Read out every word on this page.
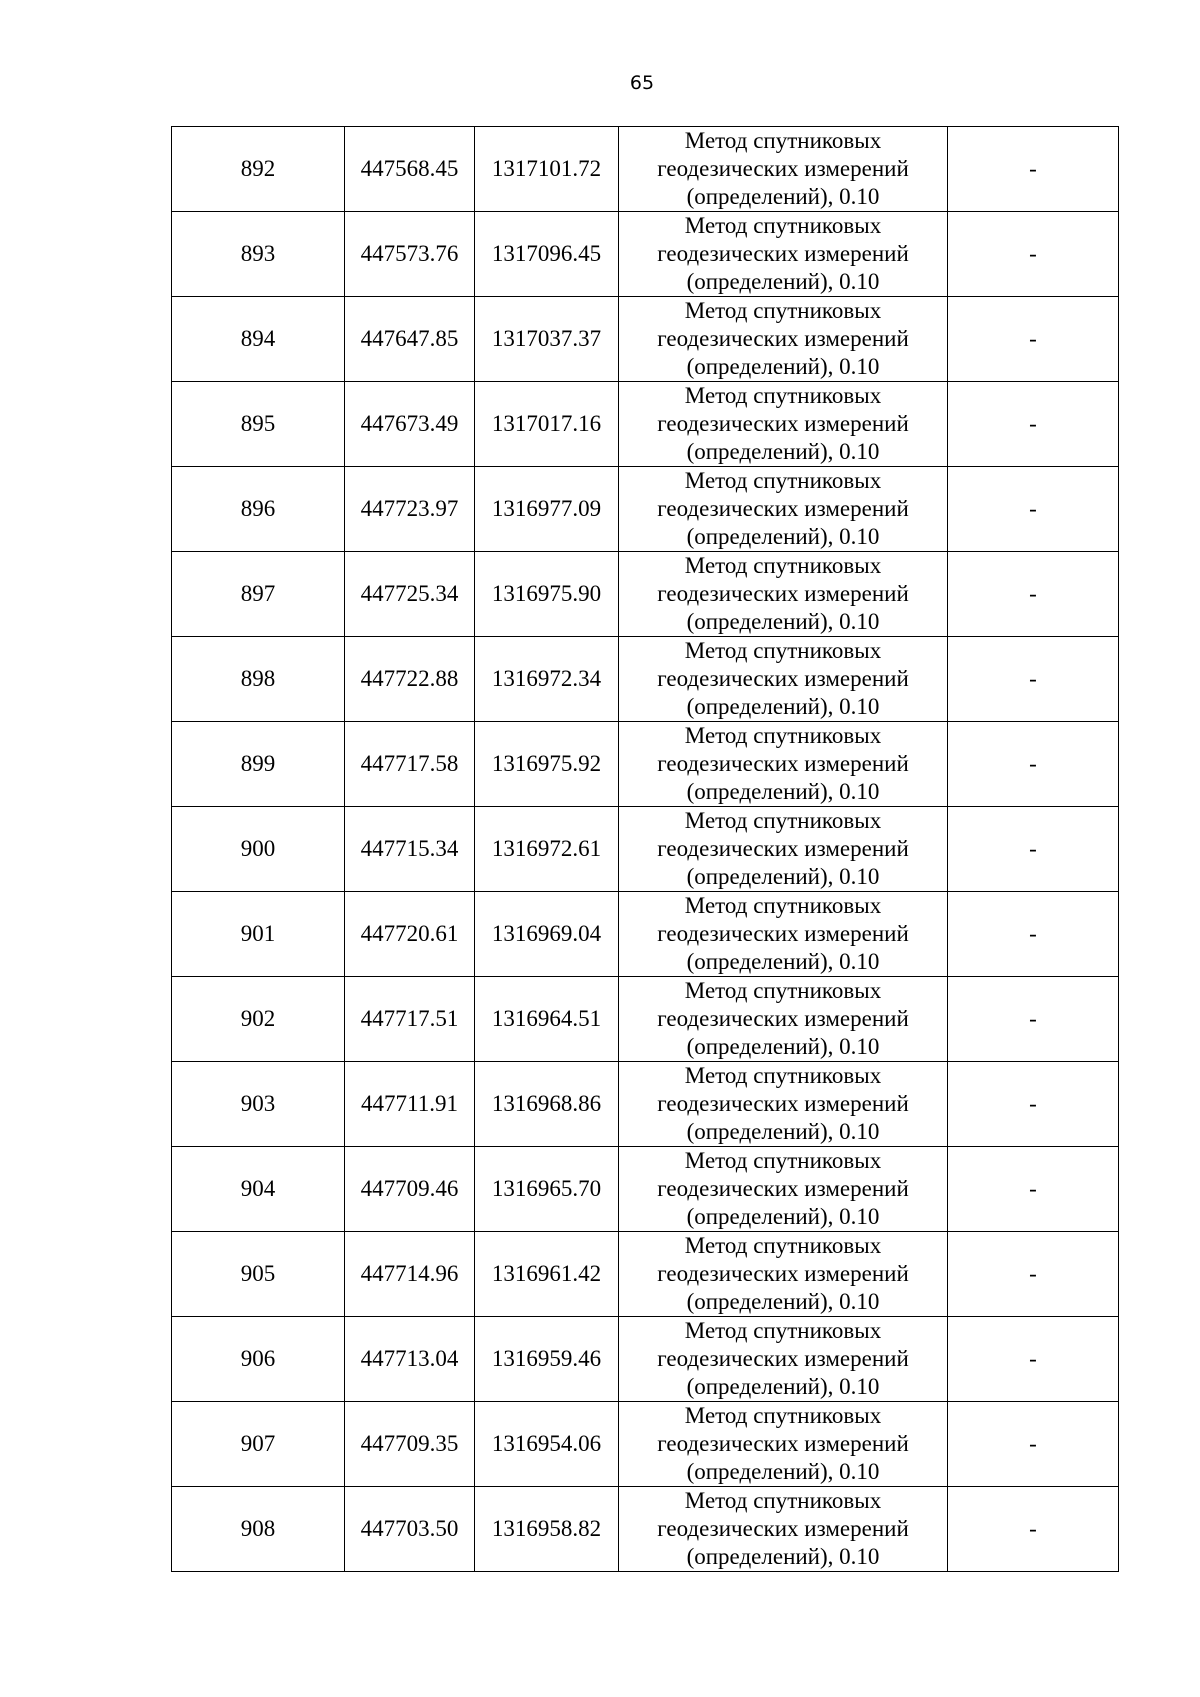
65
892	447568.45	1317101.72	Метод спутниковых
геодезических измерений
(определений), 0.10	-
893	447573.76	1317096.45	Метод спутниковых
геодезических измерений
(определений), 0.10	-
894	447647.85	1317037.37	Метод спутниковых
геодезических измерений
(определений), 0.10	-
895	447673.49	1317017.16	Метод спутниковых
геодезических измерений
(определений), 0.10	-
896	447723.97	1316977.09	Метод спутниковых
геодезических измерений
(определений), 0.10	-
897	447725.34	1316975.90	Метод спутниковых
геодезических измерений
(определений), 0.10	-
898	447722.88	1316972.34	Метод спутниковых
геодезических измерений
(определений), 0.10	-
899	447717.58	1316975.92	Метод спутниковых
геодезических измерений
(определений), 0.10	-
900	447715.34	1316972.61	Метод спутниковых
геодезических измерений
(определений), 0.10	-
901	447720.61	1316969.04	Метод спутниковых
геодезических измерений
(определений), 0.10	-
902	447717.51	1316964.51	Метод спутниковых
геодезических измерений
(определений), 0.10	-
903	447711.91	1316968.86	Метод спутниковых
геодезических измерений
(определений), 0.10	-
904	447709.46	1316965.70	Метод спутниковых
геодезических измерений
(определений), 0.10	-
905	447714.96	1316961.42	Метод спутниковых
геодезических измерений
(определений), 0.10	-
906	447713.04	1316959.46	Метод спутниковых
геодезических измерений
(определений), 0.10	-
907	447709.35	1316954.06	Метод спутниковых
геодезических измерений
(определений), 0.10	-
908	447703.50	1316958.82	Метод спутниковых
геодезических измерений
(определений), 0.10	-
